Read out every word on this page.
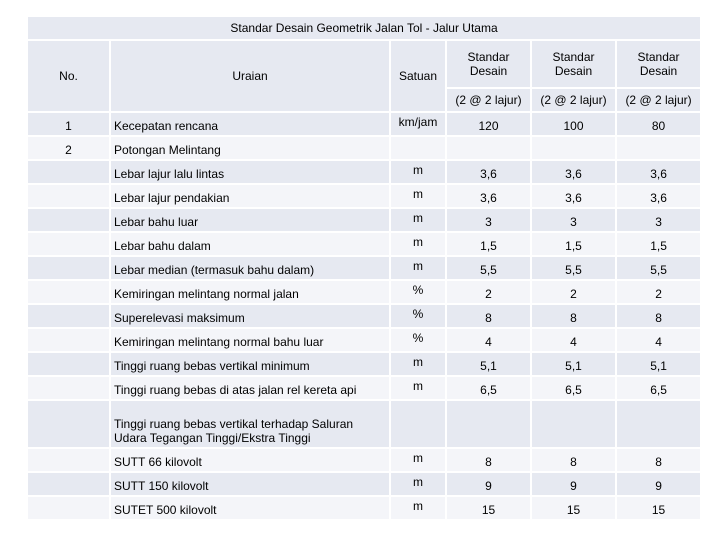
Standar Desain Geometrik Jalan Tol - Jalur Utama					
No.	Uraian	Satuan	Standar Desain	Standar Desain	Standar Desain
			(2 @ 2 lajur)	(2 @ 2 lajur)	(2 @ 2 lajur)
1	Kecepatan rencana	km/jam	120	100	80
2	Potongan Melintang				
	Lebar lajur lalu lintas	m	3,6	3,6	3,6
	Lebar lajur pendakian	m	3,6	3,6	3,6
	Lebar bahu luar	m	3	3	3
	Lebar bahu dalam	m	1,5	1,5	1,5
	Lebar median (termasuk bahu dalam)	m	5,5	5,5	5,5
	Kemiringan melintang normal jalan	%	2	2	2
	Superelevasi maksimum	%	8	8	8
	Kemiringan melintang normal bahu luar	%	4	4	4
	Tinggi ruang bebas vertikal minimum	m	5,1	5,1	5,1
	Tinggi ruang bebas di atas jalan rel kereta api	m	6,5	6,5	6,5
	Tinggi ruang bebas vertikal terhadap Saluran Udara Tegangan Tinggi/Ekstra Tinggi				
	SUTT 66 kilovolt	m	8	8	8
	SUTT 150 kilovolt	m	9	9	9
	SUTET 500 kilovolt	m	15	15	15
